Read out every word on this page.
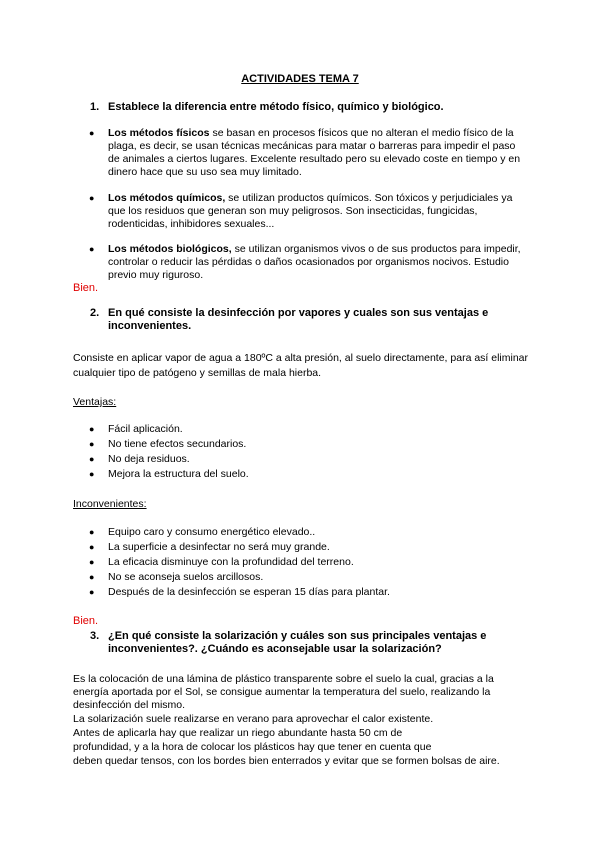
ACTIVIDADES TEMA 7
1. Establece la diferencia entre método físico, químico y biológico.
● Los métodos físicos se basan en procesos físicos que no alteran el medio físico de la plaga, es decir, se usan técnicas mecánicas para matar o barreras para impedir el paso de animales a ciertos lugares. Excelente resultado pero su elevado coste en tiempo y en dinero hace que su uso sea muy limitado.
● Los métodos químicos, se utilizan productos químicos. Son tóxicos y perjudiciales ya que los residuos que generan son muy peligrosos. Son insecticidas, fungicidas, rodenticidas, inhibidores sexuales...
● Los métodos biológicos, se utilizan organismos vivos o de sus productos para impedir, controlar o reducir las pérdidas o daños ocasionados por organismos nocivos. Estudio previo muy riguroso.
Bien.
2. En qué consiste la desinfección por vapores y cuales son sus ventajas e inconvenientes.
Consiste en aplicar vapor de agua a 180ºC a alta presión, al suelo directamente, para así eliminar cualquier tipo de patógeno y semillas de mala hierba.
Ventajas:
● Fácil aplicación.
● No tiene efectos secundarios.
● No deja residuos.
● Mejora la estructura del suelo.
Inconvenientes:
● Equipo caro y consumo energético elevado..
● La superficie a desinfectar no será muy grande.
● La eficacia disminuye con la profundidad del terreno.
● No se aconseja suelos arcillosos.
● Después de la desinfección se esperan 15 días para plantar.
Bien.
3. ¿En qué consiste la solarización y cuáles son sus principales ventajas e inconvenientes?. ¿Cuándo es aconsejable usar la solarización?
Es la colocación de una lámina de plástico transparente sobre el suelo la cual, gracias a la energía aportada por el Sol, se consigue aumentar la temperatura del suelo, realizando la desinfección del mismo.
La solarización suele realizarse en verano para aprovechar el calor existente.
Antes de aplicarla hay que realizar un riego abundante hasta 50 cm de
profundidad, y a la hora de colocar los plásticos hay que tener en cuenta que
deben quedar tensos, con los bordes bien enterrados y evitar que se formen bolsas de aire.
